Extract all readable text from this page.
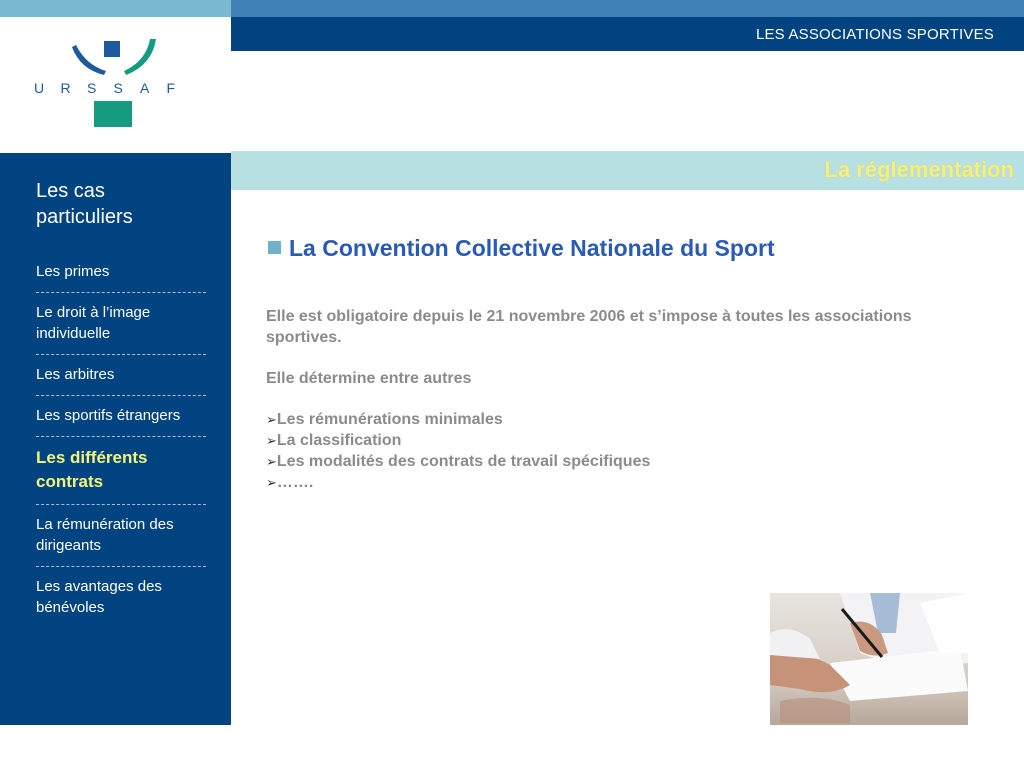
LES ASSOCIATIONS SPORTIVES
U R S S A F
Les cas particuliers
Les primes
Le droit à l’image individuelle
Les arbitres
Les sportifs étrangers
Les différents contrats
La rémunération des dirigeants
Les avantages des bénévoles
La réglementation
La Convention Collective Nationale du Sport

Elle est obligatoire depuis le 21 novembre 2006 et s’impose à toutes les associations sportives.

Elle détermine entre autres

➢Les rémunérations minimales
➢La classification
➢Les modalités des contrats de travail spécifiques
➢…….
